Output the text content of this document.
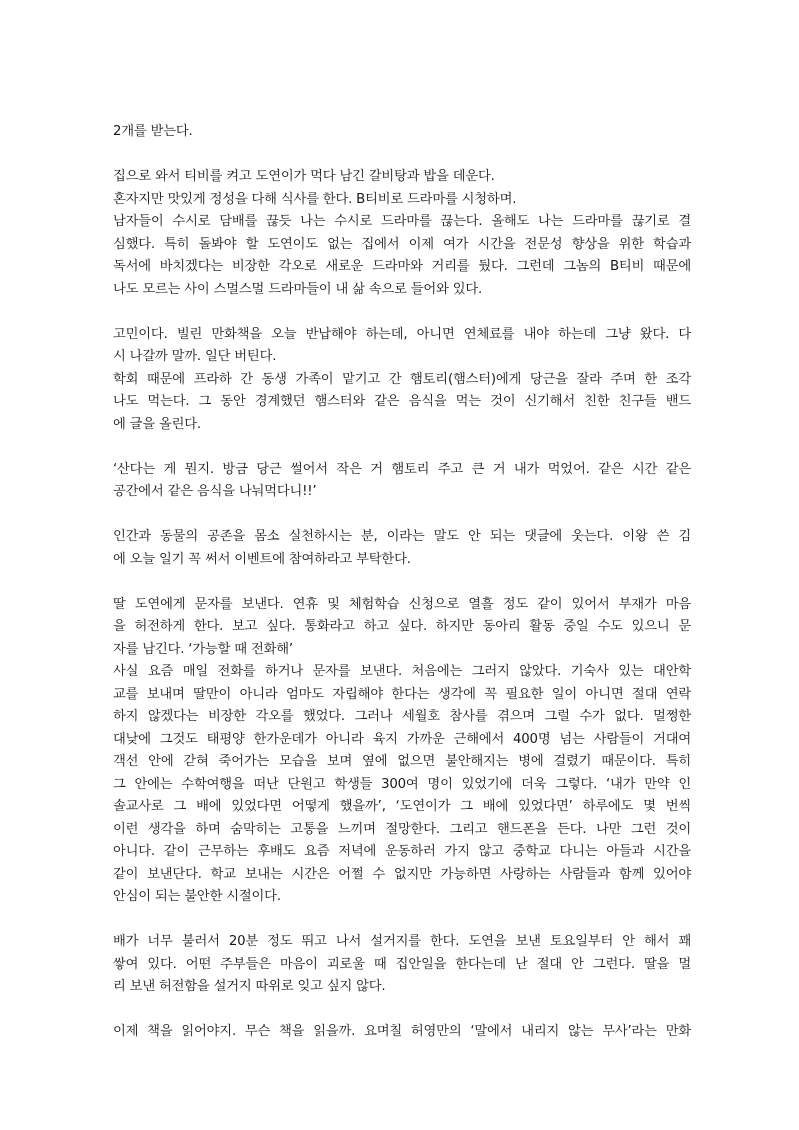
2개를 받는다.
집으로 와서 티비를 켜고 도연이가 먹다 남긴 갈비탕과 밥을 데운다.
혼자지만 맛있게 정성을 다해 식사를 한다. B티비로 드라마를 시청하며.
남자들이 수시로 담배를 끊듯 나는 수시로 드라마를 끊는다. 올해도 나는 드라마를 끊기로 결
심했다. 특히 돌봐야 할 도연이도 없는 집에서 이제 여가 시간을 전문성 향상을 위한 학습과
독서에 바치겠다는 비장한 각오로 새로운 드라마와 거리를 뒀다. 그런데 그놈의 B티비 때문에
나도 모르는 사이 스멀스멀 드라마들이 내 삶 속으로 들어와 있다.
고민이다. 빌린 만화책을 오늘 반납해야 하는데, 아니면 연체료를 내야 하는데 그냥 왔다. 다
시 나갈까 말까. 일단 버틴다.
학회 때문에 프라하 간 동생 가족이 맡기고 간 햄토리(햄스터)에게 당근을 잘라 주며 한 조각
나도 먹는다. 그 동안 경계했던 햄스터와 같은 음식을 먹는 것이 신기해서 친한 친구들 밴드
에 글을 올린다.
‘산다는 게 뭔지. 방금 당근 썰어서 작은 거 햄토리 주고 큰 거 내가 먹었어. 같은 시간 같은
공간에서 같은 음식을 나눠먹다니!!’
인간과 동물의 공존을 몸소 실천하시는 분, 이라는 말도 안 되는 댓글에 웃는다. 이왕 쓴 김
에 오늘 일기 꼭 써서 이벤트에 참여하라고 부탁한다.
딸 도연에게 문자를 보낸다. 연휴 및 체험학습 신청으로 열흘 정도 같이 있어서 부재가 마음
을 허전하게 한다. 보고 싶다. 통화라고 하고 싶다. 하지만 동아리 활동 중일 수도 있으니 문
자를 남긴다. ‘가능할 때 전화해’
사실 요즘 매일 전화를 하거나 문자를 보낸다. 처음에는 그러지 않았다. 기숙사 있는 대안학
교를 보내며 딸만이 아니라 엄마도 자립해야 한다는 생각에 꼭 필요한 일이 아니면 절대 연락
하지 않겠다는 비장한 각오를 했었다. 그러나 세월호 참사를 겪으며 그럴 수가 없다. 멀쩡한
대낮에 그것도 태평양 한가운데가 아니라 육지 가까운 근해에서 400명 넘는 사람들이 거대여
객선 안에 갇혀 죽어가는 모습을 보며 옆에 없으면 불안해지는 병에 걸렸기 때문이다. 특히
그 안에는 수학여행을 떠난 단원고 학생들 300여 명이 있었기에 더욱 그렇다. ‘내가 만약 인
솔교사로 그 배에 있었다면 어떻게 했을까’, ‘도연이가 그 배에 있었다면’ 하루에도 몇 번씩
이런 생각을 하며 숨막히는 고통을 느끼며 절망한다. 그리고 핸드폰을 든다. 나만 그런 것이
아니다. 같이 근무하는 후배도 요즘 저녁에 운동하러 가지 않고 중학교 다니는 아들과 시간을
같이 보낸단다. 학교 보내는 시간은 어쩔 수 없지만 가능하면 사랑하는 사람들과 함께 있어야
안심이 되는 불안한 시절이다.
배가 너무 불러서 20분 정도 뛰고 나서 설거지를 한다. 도연을 보낸 토요일부터 안 해서 꽤
쌓여 있다. 어떤 주부들은 마음이 괴로울 때 집안일을 한다는데 난 절대 안 그런다. 딸을 멀
리 보낸 허전함을 설거지 따위로 잊고 싶지 않다.
이제 책을 읽어야지. 무슨 책을 읽을까. 요며칠 허영만의 ‘말에서 내리지 않는 무사’라는 만화
